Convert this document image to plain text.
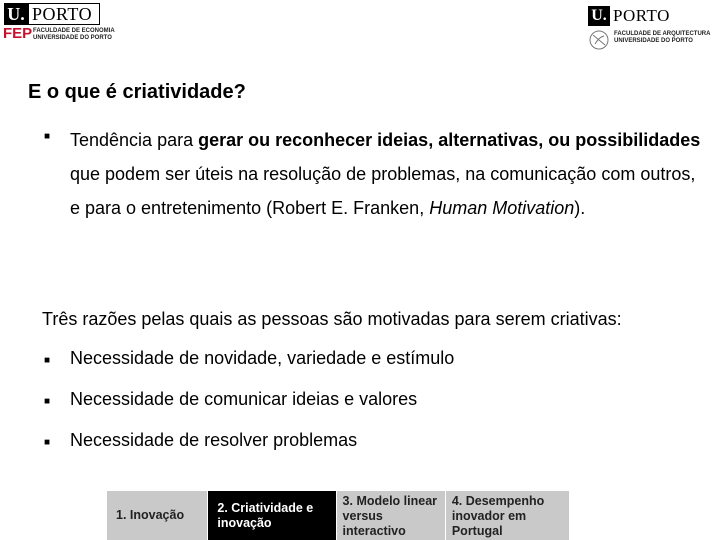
U. PORTO
FEP FACULDADE DE ECONOMIA
UNIVERSIDADE DO PORTO
U. PORTO
FACULDADE DE ARQUITECTURA
UNIVERSIDADE DO PORTO
E o que é criatividade?
■ Tendência para gerar ou reconhecer ideias, alternativas, ou possibilidades que podem ser úteis na resolução de problemas, na comunicação com outros, e para o entretenimento (Robert E. Franken, Human Motivation).
Três razões pelas quais as pessoas são motivadas para serem criativas:
■ Necessidade de novidade, variedade e estímulo
■ Necessidade de comunicar ideias e valores
■ Necessidade de resolver problemas
1. Inovação
2. Criatividade e inovação
3. Modelo linear versus interactivo
4. Desempenho inovador em Portugal
